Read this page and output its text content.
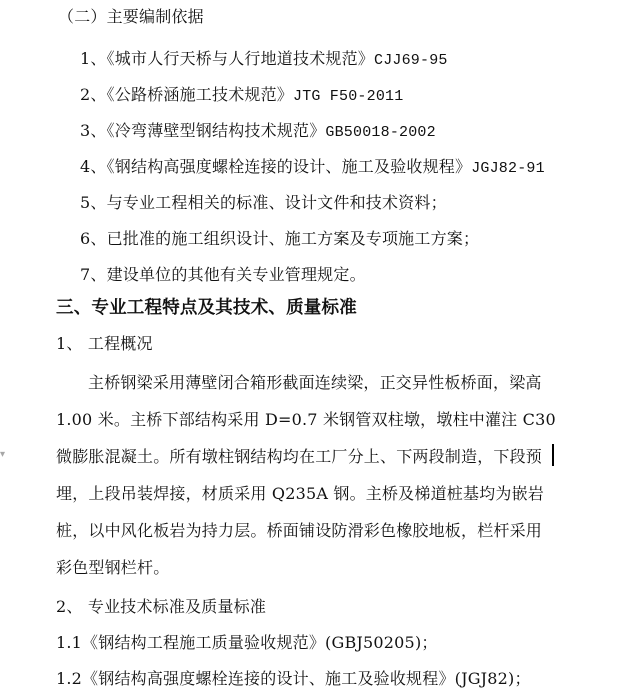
（二）主要编制依据
1、《城市人行天桥与人行地道技术规范》CJJ69-95
2、《公路桥涵施工技术规范》JTG F50-2011
3、《冷弯薄壁型钢结构技术规范》GB50018-2002
4、《钢结构高强度螺栓连接的设计、施工及验收规程》JGJ82-91
5、与专业工程相关的标准、设计文件和技术资料；
6、已批准的施工组织设计、施工方案及专项施工方案；
7、建设单位的其他有关专业管理规定。
三、专业工程特点及其技术、质量标准
1、 工程概况
主桥钢梁采用薄壁闭合箱形截面连续梁，正交异性板桥面，梁高
1.00 米。主桥下部结构采用 D=0.7 米钢管双柱墩，墩柱中灌注 C30
微膨胀混凝土。所有墩柱钢结构均在工厂分上、下两段制造，下段预
埋，上段吊装焊接，材质采用 Q235A 钢。主桥及梯道桩基均为嵌岩
桩，以中风化板岩为持力层。桥面铺设防滑彩色橡胶地板，栏杆采用
彩色型钢栏杆。
2、 专业技术标准及质量标准
1.1《钢结构工程施工质量验收规范》(GBJ50205)；
1.2《钢结构高强度螺栓连接的设计、施工及验收规程》(JGJ82)；
▾
